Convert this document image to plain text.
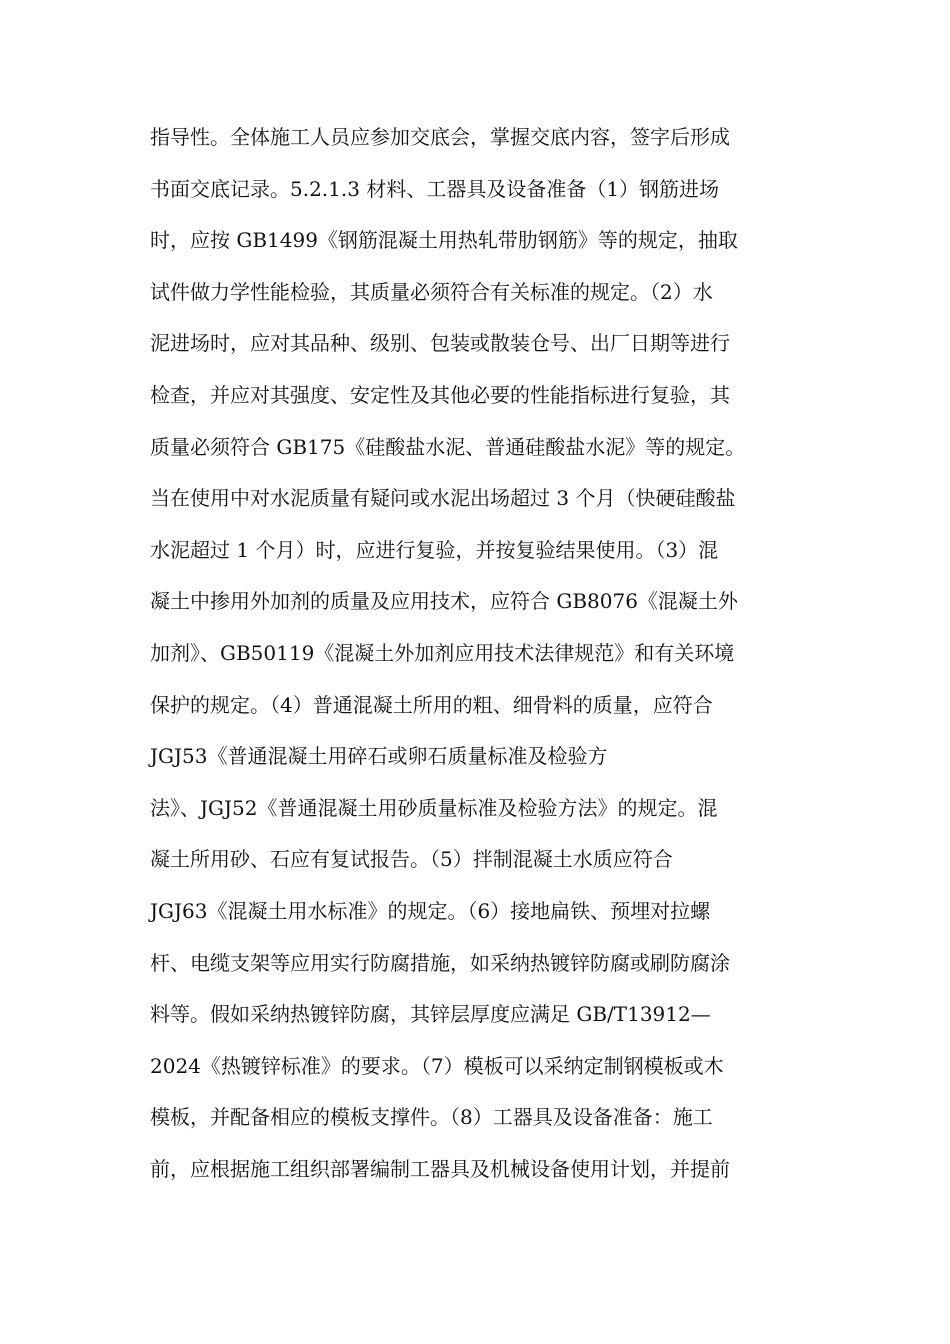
指导性。全体施工人员应参加交底会，掌握交底内容，签字后形成
书面交底记录。5.2.1.3 材料、工器具及设备准备（1）钢筋进场
时，应按 GB1499《钢筋混凝土用热轧带肋钢筋》等的规定，抽取
试件做力学性能检验，其质量必须符合有关标准的规定。（2）水
泥进场时，应对其品种、级别、包装或散装仓号、出厂日期等进行
检查，并应对其强度、安定性及其他必要的性能指标进行复验，其
质量必须符合 GB175《硅酸盐水泥、普通硅酸盐水泥》等的规定。
当在使用中对水泥质量有疑问或水泥出场超过 3 个月（快硬硅酸盐
水泥超过 1 个月）时，应进行复验，并按复验结果使用。（3）混
凝土中掺用外加剂的质量及应用技术，应符合 GB8076《混凝土外
加剂》、GB50119《混凝土外加剂应用技术法律规范》和有关环境
保护的规定。（4）普通混凝土所用的粗、细骨料的质量，应符合
JGJ53《普通混凝土用碎石或卵石质量标准及检验方
法》、JGJ52《普通混凝土用砂质量标准及检验方法》的规定。混
凝土所用砂、石应有复试报告。（5）拌制混凝土水质应符合
JGJ63《混凝土用水标准》的规定。（6）接地扁铁、预埋对拉螺
杆、电缆支架等应用实行防腐措施，如采纳热镀锌防腐或刷防腐涂
料等。假如采纳热镀锌防腐，其锌层厚度应满足 GB/T13912—
2024《热镀锌标准》的要求。（7）模板可以采纳定制钢模板或木
模板，并配备相应的模板支撑件。（8）工器具及设备准备：施工
前，应根据施工组织部署编制工器具及机械设备使用计划，并提前
